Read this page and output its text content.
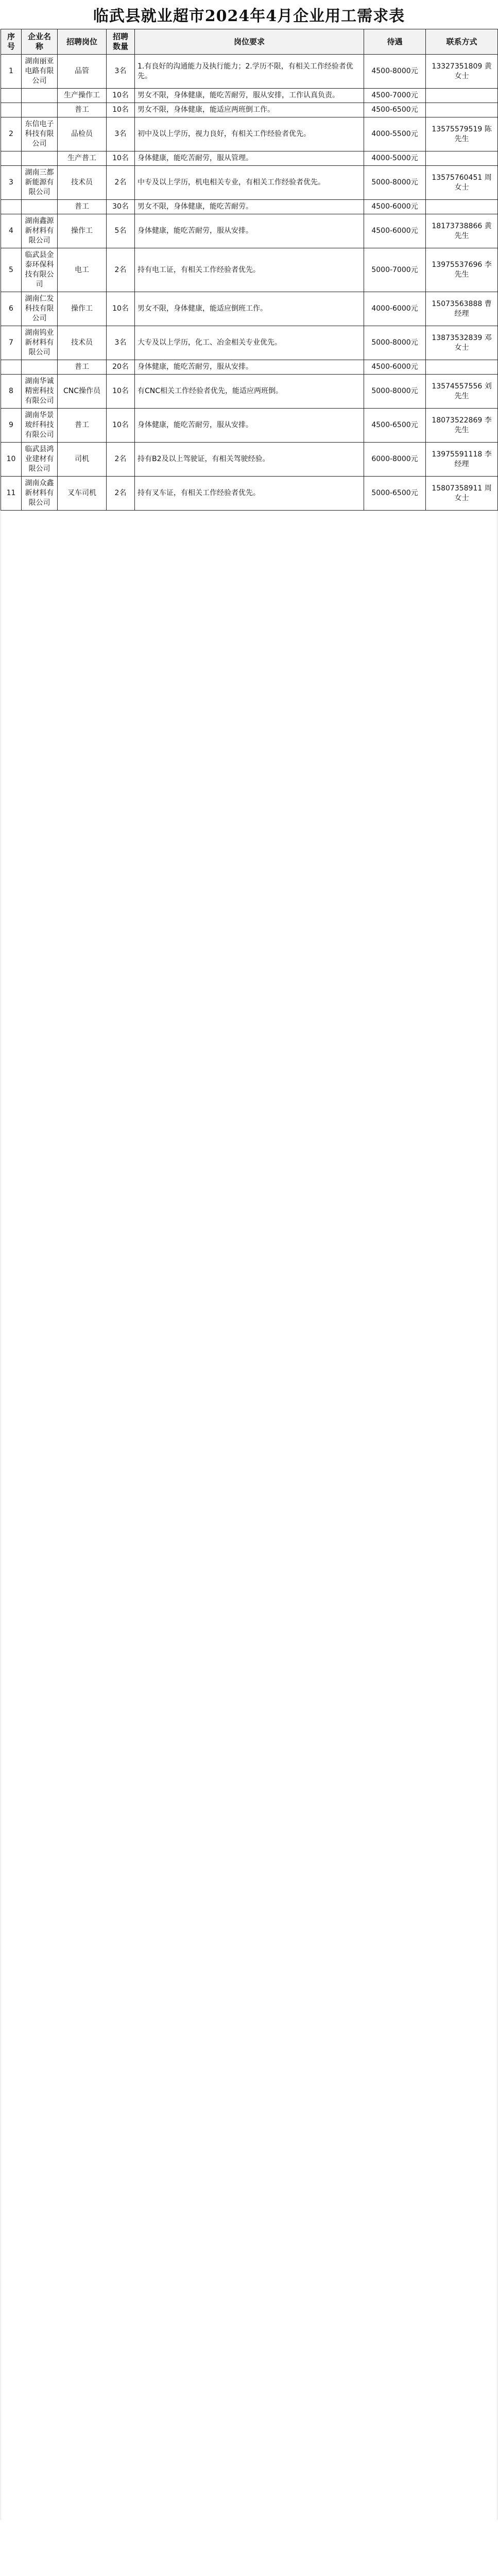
临武县就业超市2024年4月企业用工需求表
序号	企业名称	招聘岗位	招聘数量	岗位要求	待遇	联系方式
1	湖南丽亚电路有限公司	品管	3名	1.有良好的沟通能力及执行能力；2.学历不限，有相关工作经验者优先。	4500-8000元	13327351809 黄女士
		生产操作工	10名	男女不限，身体健康，能吃苦耐劳，服从安排，工作认真负责。	4500-7000元	
		普工	10名	男女不限，身体健康，能适应两班倒工作。	4500-6500元	
2	东信电子科技有限公司	品检员	3名	初中及以上学历，视力良好，有相关工作经验者优先。	4000-5500元	13575579519 陈先生
		生产普工	10名	身体健康，能吃苦耐劳，服从管理。	4000-5000元	
3	湖南三都新能源有限公司	技术员	2名	中专及以上学历，机电相关专业，有相关工作经验者优先。	5000-8000元	13575760451 周女士
		普工	30名	男女不限，身体健康，能吃苦耐劳。	4500-6000元	
4	湖南鑫源新材料有限公司	操作工	5名	身体健康，能吃苦耐劳，服从安排。	4500-6000元	18173738866 黄先生
5	临武县金泰环保科技有限公司	电工	2名	持有电工证，有相关工作经验者优先。	5000-7000元	13975537696 李先生
6	湖南仁发科技有限公司	操作工	10名	男女不限，身体健康，能适应倒班工作。	4000-6000元	15073563888 曹经理
7	湖南钨业新材料有限公司	技术员	3名	大专及以上学历，化工、冶金相关专业优先。	5000-8000元	13873532839 邓女士
		普工	20名	身体健康，能吃苦耐劳，服从安排。	4500-6000元	
8	湖南华诚精密科技有限公司	CNC操作员	10名	有CNC相关工作经验者优先，能适应两班倒。	5000-8000元	13574557556 刘先生
9	湖南华景玻纤科技有限公司	普工	10名	身体健康，能吃苦耐劳，服从安排。	4500-6500元	18073522869 李先生
10	临武县鸿业建材有限公司	司机	2名	持有B2及以上驾驶证，有相关驾驶经验。	6000-8000元	13975591118 李经理
11	湖南众鑫新材料有限公司	叉车司机	2名	持有叉车证，有相关工作经验者优先。	5000-6500元	15807358911 周女士
